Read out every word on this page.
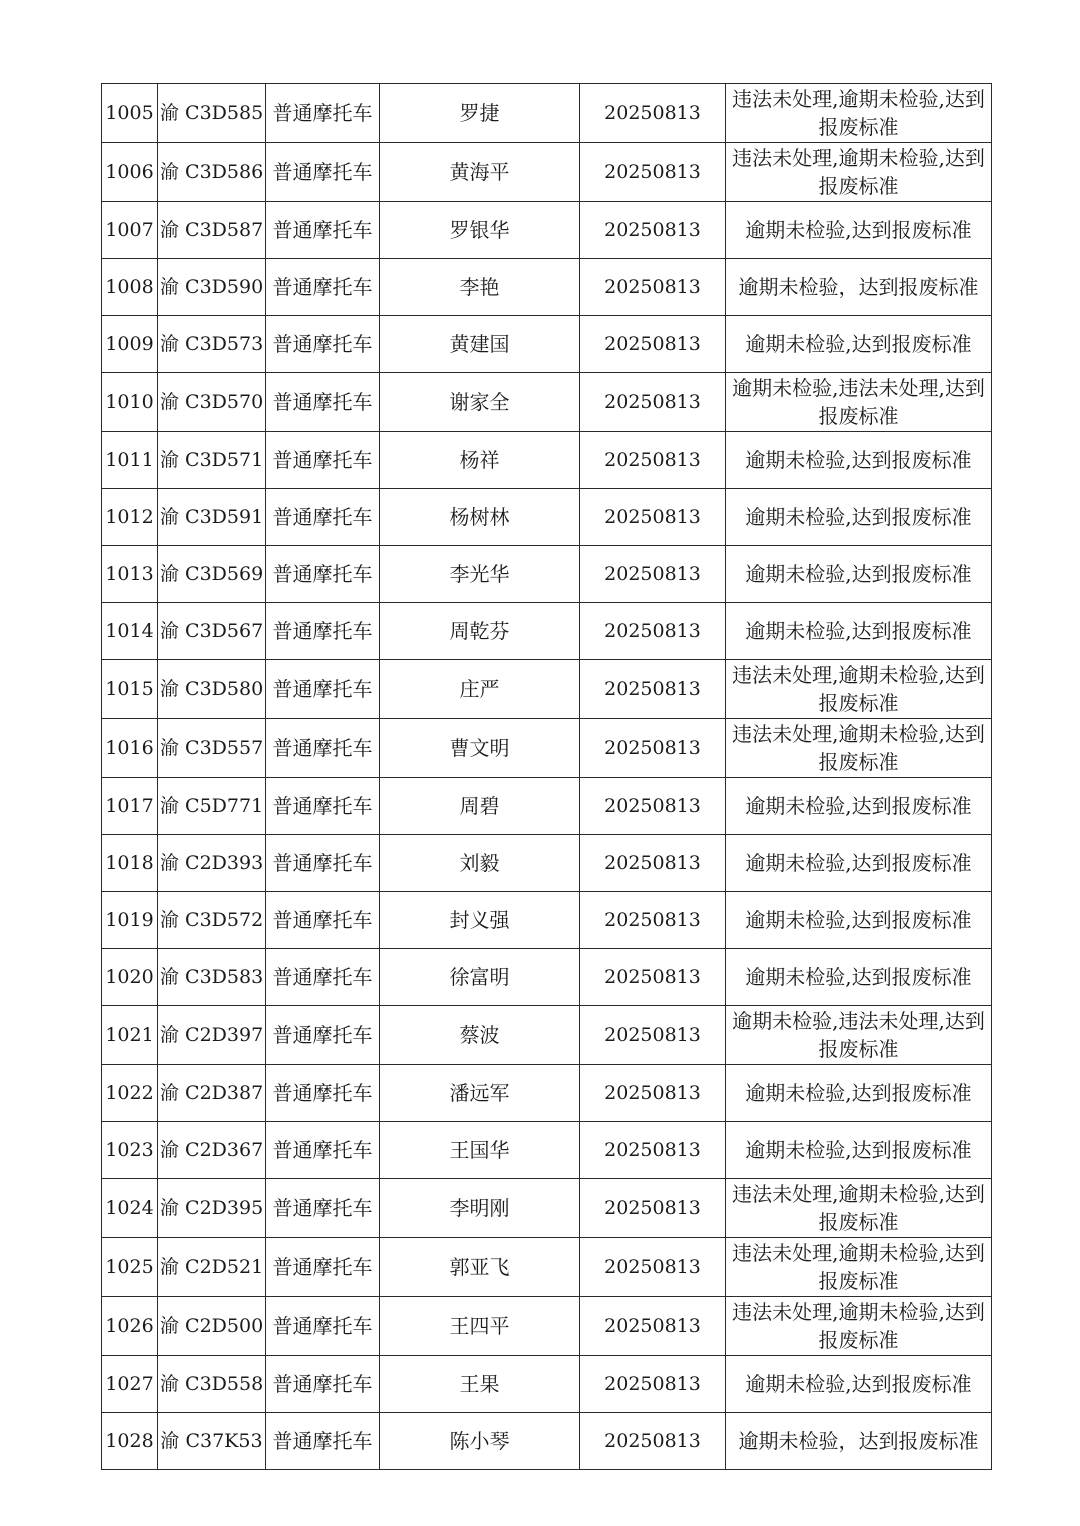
1005	渝 C3D585	普通摩托车	罗捷	20250813	违法未处理,逾期未检验,达到报废标准
1006	渝 C3D586	普通摩托车	黄海平	20250813	违法未处理,逾期未检验,达到报废标准
1007	渝 C3D587	普通摩托车	罗银华	20250813	逾期未检验,达到报废标准
1008	渝 C3D590	普通摩托车	李艳	20250813	逾期未检验，达到报废标准
1009	渝 C3D573	普通摩托车	黄建国	20250813	逾期未检验,达到报废标准
1010	渝 C3D570	普通摩托车	谢家全	20250813	逾期未检验,违法未处理,达到报废标准
1011	渝 C3D571	普通摩托车	杨祥	20250813	逾期未检验,达到报废标准
1012	渝 C3D591	普通摩托车	杨树林	20250813	逾期未检验,达到报废标准
1013	渝 C3D569	普通摩托车	李光华	20250813	逾期未检验,达到报废标准
1014	渝 C3D567	普通摩托车	周乾芬	20250813	逾期未检验,达到报废标准
1015	渝 C3D580	普通摩托车	庄严	20250813	违法未处理,逾期未检验,达到报废标准
1016	渝 C3D557	普通摩托车	曹文明	20250813	违法未处理,逾期未检验,达到报废标准
1017	渝 C5D771	普通摩托车	周碧	20250813	逾期未检验,达到报废标准
1018	渝 C2D393	普通摩托车	刘毅	20250813	逾期未检验,达到报废标准
1019	渝 C3D572	普通摩托车	封义强	20250813	逾期未检验,达到报废标准
1020	渝 C3D583	普通摩托车	徐富明	20250813	逾期未检验,达到报废标准
1021	渝 C2D397	普通摩托车	蔡波	20250813	逾期未检验,违法未处理,达到报废标准
1022	渝 C2D387	普通摩托车	潘远军	20250813	逾期未检验,达到报废标准
1023	渝 C2D367	普通摩托车	王国华	20250813	逾期未检验,达到报废标准
1024	渝 C2D395	普通摩托车	李明刚	20250813	违法未处理,逾期未检验,达到报废标准
1025	渝 C2D521	普通摩托车	郭亚飞	20250813	违法未处理,逾期未检验,达到报废标准
1026	渝 C2D500	普通摩托车	王四平	20250813	违法未处理,逾期未检验,达到报废标准
1027	渝 C3D558	普通摩托车	王果	20250813	逾期未检验,达到报废标准
1028	渝 C37K53	普通摩托车	陈小琴	20250813	逾期未检验，达到报废标准
